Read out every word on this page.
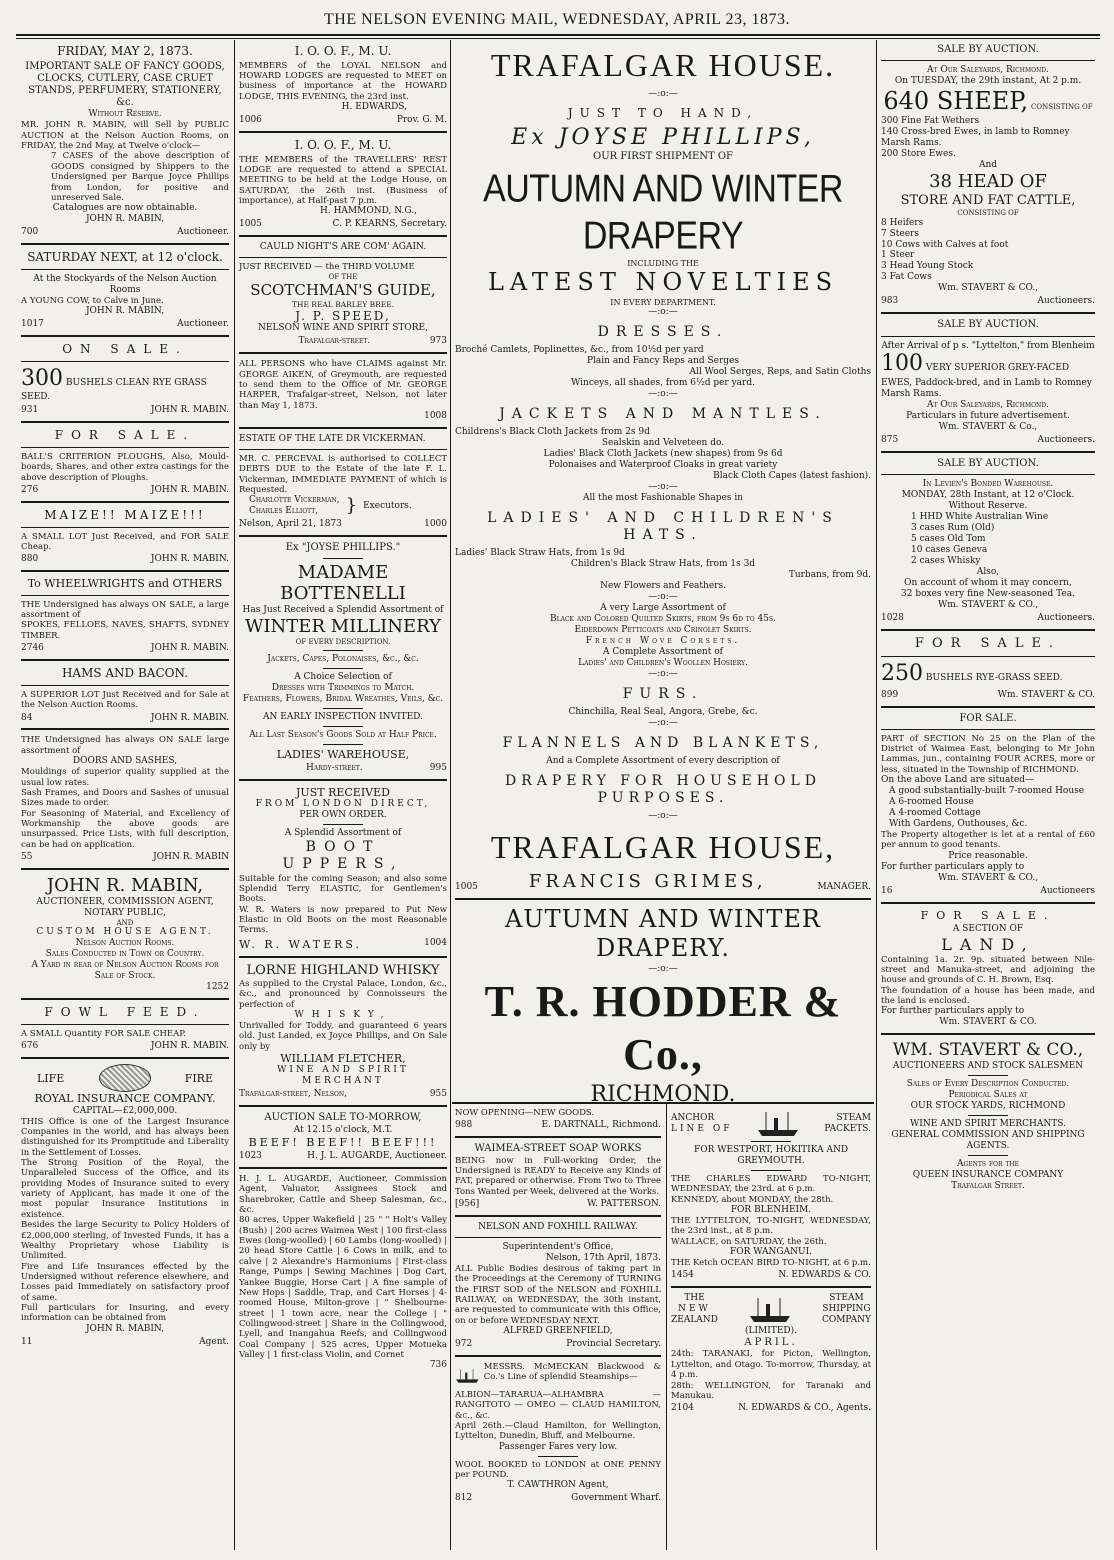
THE NELSON EVENING MAIL, WEDNESDAY, APRIL 23, 1873.

FRIDAY, MAY 2, 1873.

IMPORTANT SALE OF FANCY GOODS, CLOCKS, CUTLERY, CASE CRUET STANDS, PERFUMERY, STATIONERY, &c.

Without Reserve.

MR. JOHN R. MABIN, will Sell by PUBLIC AUCTION at the Nelson Auction Rooms, on FRIDAY, the 2nd May, at Twelve o'clock—

7 CASES of the above description of GOODS consigned by Shippers to the Undersigned per Barque Joyce Phillips from London, for positive and unreserved Sale.

Catalogues are now obtainable.

JOHN R. MABIN,

700	Auctioneer.

SATURDAY NEXT, at 12 o'clock.

At the Stockyards of the Nelson Auction Rooms

A YOUNG COW, to Calve in June.

JOHN R. MABIN,

1017	Auctioneer.

ON SALE.

300 BUSHELS CLEAN RYE GRASS SEED.

931	JOHN R. MABIN.

FOR SALE.

BALL'S CRITERION PLOUGHS, Also, Mould-boards, Shares, and other extra castings for the above description of Ploughs.

276	JOHN R. MABIN.

MAIZE!! MAIZE!!!

A SMALL LOT Just Received, and FOR SALE Cheap.

880	JOHN R. MABIN.

To WHEELWRIGHTS and OTHERS

THE Undersigned has always ON SALE, a large assortment of

SPOKES, FELLOES, NAVES, SHAFTS, SYDNEY TIMBER.

2746	JOHN R. MABIN.

HAMS AND BACON.

A SUPERIOR LOT Just Received and for Sale at the Nelson Auction Rooms.

84	JOHN R. MABIN.

THE Undersigned has always ON SALE large assortment of

DOORS AND SASHES,

Mouldings of superior quality supplied at the usual low rates.

Sash Frames, and Doors and Sashes of unusual Sizes made to order.

For Seasoning of Material, and Excellency of Workmanship the above goods are unsurpassed. Price Lists, with full description, can be had on application.

55	JOHN R. MABIN

JOHN R. MABIN,

AUCTIONEER, COMMISSION AGENT,

NOTARY PUBLIC,

AND

CUSTOM HOUSE AGENT.

Nelson Auction Rooms.

Sales Conducted in Town or Country.

A Yard in rear of Nelson Auction Rooms for Sale of Stock.

1252

FOWL FEED.

A SMALL Quantity FOR SALE CHEAP.

676	JOHN R. MABIN.
LIFE	FIRE

ROYAL INSURANCE COMPANY.

CAPITAL—£2,000,000.

THIS Office is one of the Largest Insurance Companies in the world, and has always been distinguished for its Promptitude and Liberality in the Settlement of Losses.

The Strong Position of the Royal, the Unparalleled Success of the Office, and its providing Modes of Insurance suited to every variety of Applicant, has made it one of the most popular Insurance Institutions in existence.

Besides the large Security to Policy Holders of £2,000,000 sterling, of Invested Funds, it has a Wealthy Proprietary whose Liability is Unlimited.

Fire and Life Insurances effected by the Undersigned without reference elsewhere, and Losses paid Immediately on satisfactory proof of same.

Full particulars for Insuring, and every information can be obtained from

JOHN R. MABIN,

11	Agent.

I. O. O. F., M. U.

MEMBERS of the LOYAL NELSON and HOWARD LODGES are requested to MEET on business of importance at the HOWARD LODGE, THIS EVENING, the 23rd inst.

H. EDWARDS,

1006	Prov. G. M.

I. O. O. F., M. U.

THE MEMBERS of the TRAVELLERS' REST LODGE are requested to attend a SPECIAL MEETING to be held at the Lodge House, on SATURDAY, the 26th inst. (Business of importance), at Half-past 7 p.m.

H. HAMMOND, N.G.,

1005	C. P. KEARNS, Secretary.

CAULD NIGHT'S ARE COM' AGAIN.

JUST RECEIVED — the THIRD VOLUME

OF THE

SCOTCHMAN'S GUIDE,

THE REAL BARLEY BREE.

J. P. SPEED,

NELSON WINE AND SPIRIT STORE,

Trafalgar-street.	973

ALL PERSONS who have CLAIMS against Mr. GEORGE AIKEN, of Greymouth, are requested to send them to the Office of Mr. GEORGE HARPER, Trafalgar-street, Nelson, not later than May 1, 1873.

1008

ESTATE OF THE LATE DR VICKERMAN.

MR. C. PERCEVAL is authorised to COLLECT DEBTS DUE to the Estate of the late F. L. Vickerman, IMMEDIATE PAYMENT of which is Requested.

Charlotte Vickerman,

Charles Elliott,	} Executors.
Nelson, April 21, 1873	1000

Ex "JOYSE PHILLIPS."

MADAME BOTTENELLI

Has Just Received a Splendid Assortment of

WINTER MILLINERY

OF EVERY DESCRIPTION.

Jackets, Capes, Polonaises, &c., &c.

A Choice Selection of

Dresses with Trimmings to Match.

Feathers, Flowers, Bridal Wreathes, Veils, &c.

AN EARLY INSPECTION INVITED.

All Last Season's Goods Sold at Half Price.

LADIES' WAREHOUSE,

Hardy-street.	995

JUST RECEIVED

FROM LONDON DIRECT,

PER OWN ORDER.

A Splendid Assortment of

BOOT UPPERS,

Suitable for the coming Season; and also some Splendid Terry ELASTIC, for Gentlemen's Boots.

W. R. Waters is now prepared to Put New Elastic in Old Boots on the most Reasonable Terms.

W. R. WATERS.	1004

LORNE HIGHLAND WHISKY

As supplied to the Crystal Palace, London, &c., &c., and pronounced by Connoisseurs the perfection of

WHISKY,

Unrivalled for Toddy, and guaranteed 6 years old. Just Landed, ex Joyce Phillips, and On Sale only by

WILLIAM FLETCHER,

WINE AND SPIRIT MERCHANT

Trafalgar-street, Nelson,	955

AUCTION SALE TO-MORROW,

At 12.15 o'clock, M.T.

BEEF! BEEF!! BEEF!!!

1023	H. J. L. AUGARDE, Auctioneer.

H. J. L. AUGARDE, Auctioneer, Commission Agent, Valuator, Assignees Stock and Sharebroker, Cattle and Sheep Salesman, &c., &c.

80 acres, Upper Wakefield | 25 " " Holt's Valley (Bush) | 200 acres Waimea West | 100 first-class Ewes (long-woolled) | 60 Lambs (long-woolled) | 20 head Store Cattle | 6 Cows in milk, and to calve | 2 Alexandre's Harmoniums | First-class Range, Pumps | Sewing Machines | Dog Cart, Yankee Buggie, Horse Cart | A fine sample of New Hops | Saddle, Trap, and Cart Horses | 4-roomed House, Milton-grove | " Shelbourne-street | 1 town acre, near the College | " Collingwood-street | Share in the Collingwood, Lyell, and Inangahua Reefs, and Collingwood Coal Company | 525 acres, Upper Motueka Valley | 1 first-class Violin, and Cornet

736

TRAFALGAR HOUSE.

—:o:—

JUST TO HAND,

Ex JOYSE PHILLIPS,

OUR FIRST SHIPMENT OF

AUTUMN AND WINTER DRAPERY

INCLUDING THE

LATEST NOVELTIES

IN EVERY DEPARTMENT.

—:o:—

DRESSES.

Broché Camlets, Poplinettes, &c., from 10½d per yard

Plain and Fancy Reps and Serges

All Wool Serges, Reps, and Satin Cloths

Winceys, all shades, from 6½d per yard.

—:o:—

JACKETS AND MANTLES.

Childrens's Black Cloth Jackets from 2s 9d

Sealskin and Velveteen do.

Ladies' Black Cloth Jackets (new shapes) from 9s 6d

Polonaises and Waterproof Cloaks in great variety

Black Cloth Capes (latest fashion).

—:o:—

All the most Fashionable Shapes in

LADIES' AND CHILDREN'S HATS.

Ladies' Black Straw Hats, from 1s 9d

Children's Black Straw Hats, from 1s 3d

Turbans, from 9d.

New Flowers and Feathers.

—:o:—

A very Large Assortment of

Black and Colored Quilted Skirts, from 9s 6d to 45s.

Eiderdown Petticoats and Crinolet Skirts.

French Wove Corsets.

A Complete Assortment of

Ladies' and Children's Woollen Hosiery.

—:o:—

FURS.

Chinchilla, Real Seal, Angora, Grebe, &c.

—:o:—

FLANNELS AND BLANKETS,

And a Complete Assortment of every description of

DRAPERY FOR HOUSEHOLD PURPOSES.

—:o:—

TRAFALGAR HOUSE,

1005	FRANCIS GRIMES,	MANAGER.

AUTUMN AND WINTER DRAPERY.

—:o:—

T. R. HODDER & Co.,

RICHMOND.

NOW OPENING—NEW GOODS.

988	E. DARTNALL, Richmond.

WAIMEA-STREET SOAP WORKS

BEING now in Full-working Order, the Undersigned is READY to Receive any Kinds of FAT, prepared or otherwise. From Two to Three Tons Wanted per Week, delivered at the Works.

[956]	W. PATTERSON.

NELSON AND FOXHILL RAILWAY.

Superintendent's Office,

Nelson, 17th April, 1873.

ALL Public Bodies desirous of taking part in the Proceedings at the Ceremony of TURNING the FIRST SOD of the NELSON and FOXHILL RAILWAY, on WEDNESDAY, the 30th instant, are requested to communicate with this Office, on or before WEDNESDAY NEXT.

ALFRED GREENFIELD,

972	Provincial Secretary.

MESSRS. McMECKAN Blackwood & Co.'s Line of splendid Steamships—

ALBION—TARARUA—ALHAMBRA — RANGITOTO — OMEO — CLAUD HAMILTON, &c., &c.

April 26th.—Claud Hamilton, for Wellington, Lyttelton, Dunedin, Bluff, and Melbourne.

Passenger Fares very low.

WOOL BOOKED to LONDON at ONE PENNY per POUND.

T. CAWTHRON Agent,

812	Government Wharf.

ANCHOR

LINE OF

STEAM

PACKETS.

FOR WESTPORT, HOKITIKA AND GREYMOUTH.

THE CHARLES EDWARD TO-NIGHT, WEDNESDAY, the 23rd. at 6 p.m.

KENNEDY, about MONDAY, the 28th.

FOR BLENHEIM.

THE LYTTELTON, TO-NIGHT, WEDNESDAY, the 23rd inst., at 8 p.m.

WALLACE, on SATURDAY, the 26th.

FOR WANGANUI.

THE Ketch OCEAN BIRD TO-NIGHT, at 6 p.m.

1454	N. EDWARDS & CO.

THE

NEW

ZEALAND

STEAM

SHIPPING

COMPANY

(LIMITED).

APRIL.

24th: TARANAKI, for Picton, Wellington, Lyttelton, and Otago. To-morrow, Thursday, at 4 p.m.

28th: WELLINGTON, for Taranaki and Manukau.

2104	N. EDWARDS & CO., Agents.

SALE BY AUCTION.

At Our Saleyards, Richmond.

On TUESDAY, the 29th instant, At 2 p.m.

640 SHEEP, CONSISTING OF

300 Fine Fat Wethers

140 Cross-bred Ewes, in lamb to Romney Marsh Rams.

200 Store Ewes.

And

38 HEAD OF

STORE AND FAT CATTLE,

CONSISTING OF

8 Heifers

7 Steers

10 Cows with Calves at foot

1 Steer

3 Head Young Stock

3 Fat Cows

Wm. STAVERT & CO.,

983	Auctioneers.

SALE BY AUCTION.

After Arrival of p s. "Lyttelton," from Blenheim

100 VERY SUPERIOR GREY-FACED EWES, Paddock-bred, and in Lamb to Romney Marsh Rams.

At Our Saleyards, Richmond.

Particulars in future advertisement.

Wm. STAVERT & Co.,

875	Auctioneers.

SALE BY AUCTION.

In Levien's Bonded Warehouse.

MONDAY, 28th Instant, at 12 o'Clock.

Without Reserve.

1 HHD White Australian Wine

3 cases Rum (Old)

5 cases Old Tom

10 cases Geneva

2 cases Whisky

Also,

On account of whom it may concern,

32 boxes very fine New-seasoned Tea.

Wm. STAVERT & CO.,

1028	Auctioneers.

FOR SALE.

250 BUSHELS RYE-GRASS SEED.

899	Wm. STAVERT & CO.

FOR SALE.

PART of SECTION No 25 on the Plan of the District of Waimea East, belonging to Mr John Lammas, jun., containing FOUR ACRES, more or less, situated in the Township of RICHMOND.

On the above Land are situated—

A good substantially-built 7-roomed House

A 6-roomed House

A 4-roomed Cottage

With Gardens, Outhouses, &c.

The Property altogether is let at a rental of £60 per annum to good tenants.

Price reasonable.

For further particulars apply to

Wm. STAVERT & CO.,

16	Auctioneers

FOR SALE.

A SECTION OF

LAND,

Containing 1a. 2r. 9p. situated between Nile-street and Manuka-street, and adjoining the house and grounds of C. H. Brown, Esq.

The foundation of a house has been made, and the land is enclosed.

For further particulars apply to

Wm. STAVERT & CO.

WM. STAVERT & CO.,

AUCTIONEERS AND STOCK SALESMEN

Sales of Every Description Conducted.

Periodical Sales at

OUR STOCK YARDS, RICHMOND

WINE AND SPIRIT MERCHANTS.

GENERAL COMMISSION AND SHIPPING AGENTS.

Agents for the

QUEEN INSURANCE COMPANY

Trafalgar Street.
